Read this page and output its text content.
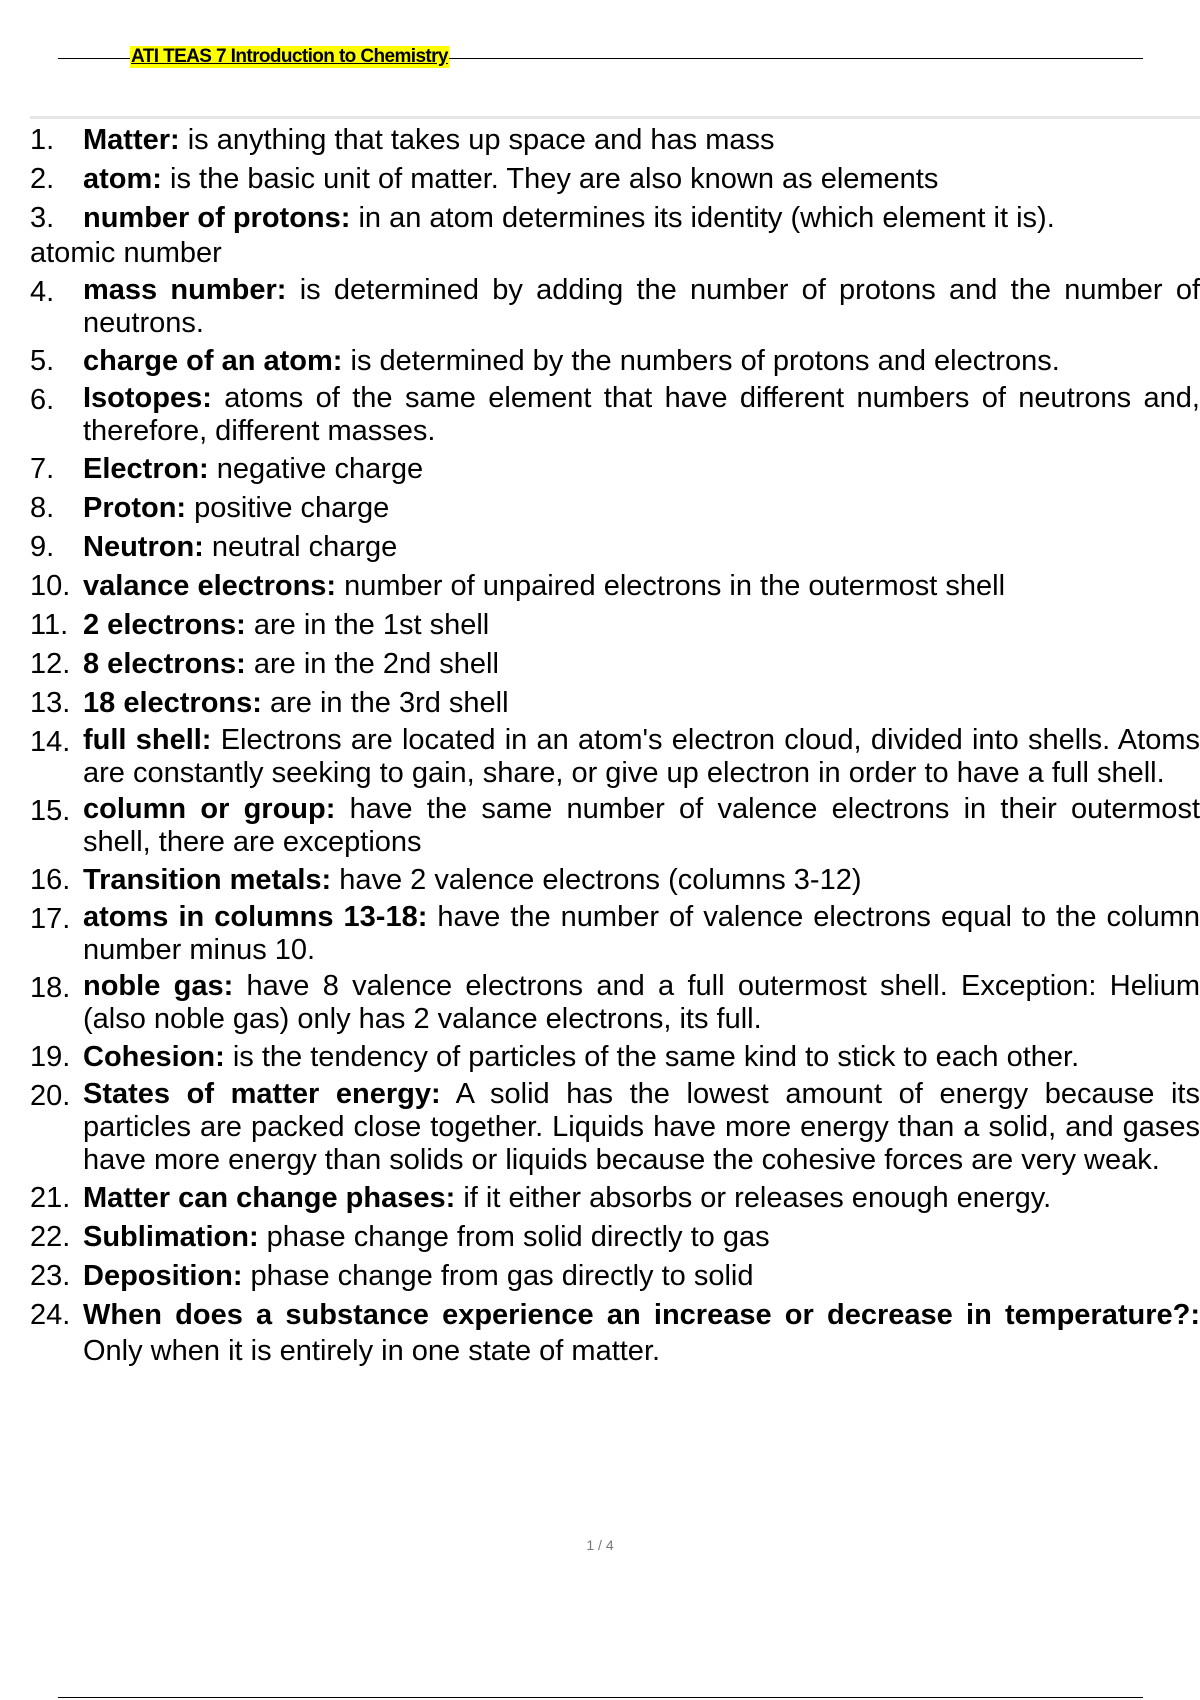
ATI TEAS 7 Introduction to Chemistry
1. Matter: is anything that takes up space and has mass
2. atom: is the basic unit of matter. They are also known as elements
3. number of protons: in an atom determines its identity (which element it is).
atomic number
4. mass number: is determined by adding the number of protons and the number of neutrons.
5. charge of an atom: is determined by the numbers of protons and electrons.
6. Isotopes: atoms of the same element that have different numbers of neutrons and, therefore, different masses.
7. Electron: negative charge
8. Proton: positive charge
9. Neutron: neutral charge
10. valance electrons: number of unpaired electrons in the outermost shell
11. 2 electrons: are in the 1st shell
12. 8 electrons: are in the 2nd shell
13. 18 electrons: are in the 3rd shell
14. full shell: Electrons are located in an atom's electron cloud, divided into shells. Atoms are constantly seeking to gain, share, or give up electron in order to have a full shell.
15. column or group: have the same number of valence electrons in their outermost shell, there are exceptions
16. Transition metals: have 2 valence electrons (columns 3-12)
17. atoms in columns 13-18: have the number of valence electrons equal to the column number minus 10.
18. noble gas: have 8 valence electrons and a full outermost shell. Exception: Helium (also noble gas) only has 2 valance electrons, its full.
19. Cohesion: is the tendency of particles of the same kind to stick to each other.
20. States of matter energy: A solid has the lowest amount of energy because its particles are packed close together. Liquids have more energy than a solid, and gases have more energy than solids or liquids because the cohesive forces are very weak.
21. Matter can change phases: if it either absorbs or releases enough energy.
22. Sublimation: phase change from solid directly to gas
23. Deposition: phase change from gas directly to solid
24. When does a substance experience an increase or decrease in temperature?: Only when it is entirely in one state of matter.
1 / 4
